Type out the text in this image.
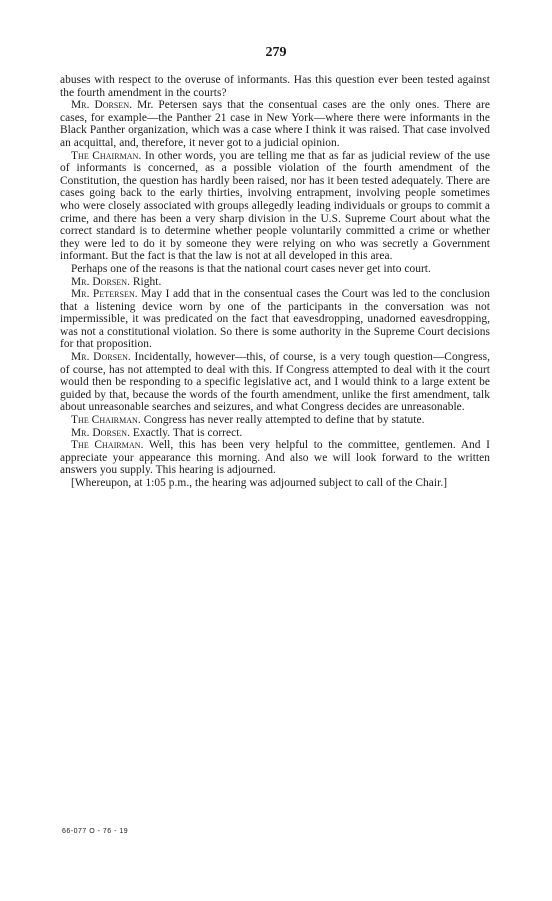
279

abuses with respect to the overuse of informants. Has this question ever been tested against the fourth amendment in the courts?

Mr. Dorsen. Mr. Petersen says that the consentual cases are the only ones. There are cases, for example—the Panther 21 case in New York—where there were informants in the Black Panther organization, which was a case where I think it was raised. That case involved an acquittal, and, therefore, it never got to a judicial opinion.

The Chairman. In other words, you are telling me that as far as judicial review of the use of informants is concerned, as a possible violation of the fourth amendment of the Constitution, the question has hardly been raised, nor has it been tested adequately. There are cases going back to the early thirties, involving entrapment, involving people sometimes who were closely associated with groups allegedly leading individuals or groups to commit a crime, and there has been a very sharp division in the U.S. Supreme Court about what the correct standard is to determine whether people voluntarily committed a crime or whether they were led to do it by someone they were relying on who was secretly a Government informant. But the fact is that the law is not at all developed in this area.

Perhaps one of the reasons is that the national court cases never get into court.

Mr. Dorsen. Right.

Mr. Petersen. May I add that in the consentual cases the Court was led to the conclusion that a listening device worn by one of the participants in the conversation was not impermissible, it was predicated on the fact that eavesdropping, unadorned eavesdropping, was not a constitutional violation. So there is some authority in the Supreme Court decisions for that proposition.

Mr. Dorsen. Incidentally, however—this, of course, is a very tough question—Congress, of course, has not attempted to deal with this. If Congress attempted to deal with it the court would then be responding to a specific legislative act, and I would think to a large extent be guided by that, because the words of the fourth amendment, unlike the first amendment, talk about unreasonable searches and seizures, and what Congress decides are unreasonable.

The Chairman. Congress has never really attempted to define that by statute.

Mr. Dorsen. Exactly. That is correct.

The Chairman. Well, this has been very helpful to the committee, gentlemen. And I appreciate your appearance this morning. And also we will look forward to the written answers you supply. This hearing is adjourned.

[Whereupon, at 1:05 p.m., the hearing was adjourned subject to call of the Chair.]

66-077 O - 76 - 19
